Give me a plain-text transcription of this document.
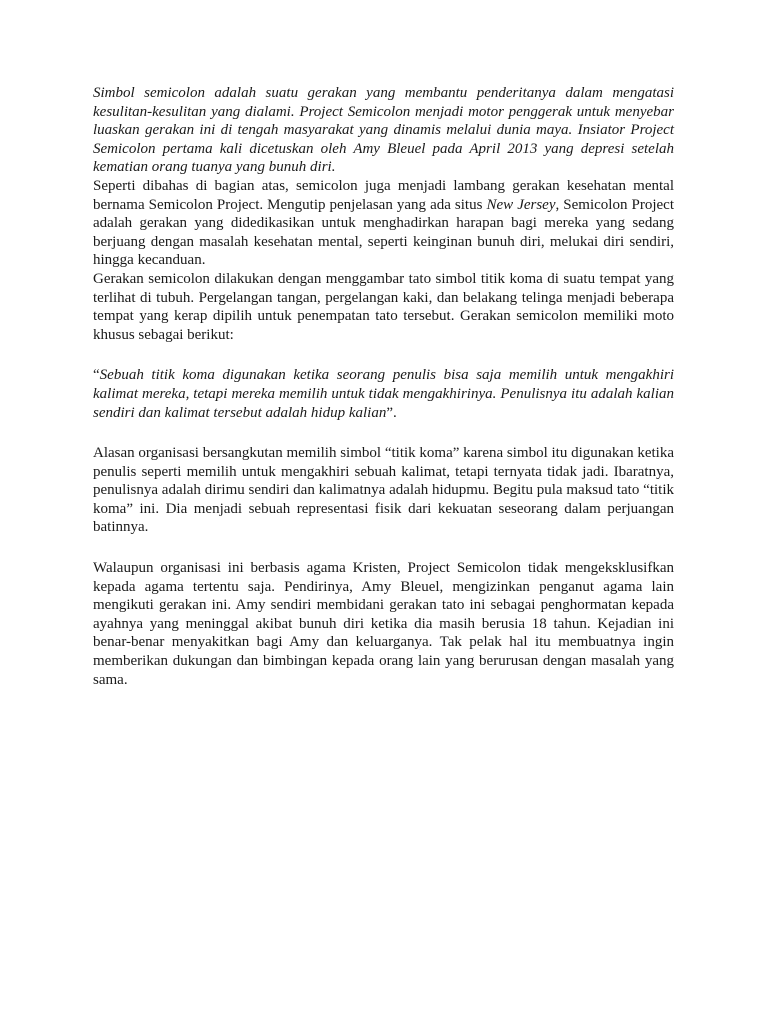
Simbol semicolon adalah suatu gerakan yang membantu penderitanya dalam mengatasi kesulitan-kesulitan yang dialami. Project Semicolon menjadi motor penggerak untuk menyebar luaskan gerakan ini di tengah masyarakat yang dinamis melalui dunia maya. Insiator Project Semicolon pertama kali dicetuskan oleh Amy Bleuel pada April 2013 yang depresi setelah kematian orang tuanya yang bunuh diri.

Seperti dibahas di bagian atas, semicolon juga menjadi lambang gerakan kesehatan mental bernama Semicolon Project. Mengutip penjelasan yang ada situs New Jersey, Semicolon Project adalah gerakan yang didedikasikan untuk menghadirkan harapan bagi mereka yang sedang berjuang dengan masalah kesehatan mental, seperti keinginan bunuh diri, melukai diri sendiri, hingga kecanduan.

Gerakan semicolon dilakukan dengan menggambar tato simbol titik koma di suatu tempat yang terlihat di tubuh. Pergelangan tangan, pergelangan kaki, dan belakang telinga menjadi beberapa tempat yang kerap dipilih untuk penempatan tato tersebut. Gerakan semicolon memiliki moto khusus sebagai berikut:

“Sebuah titik koma digunakan ketika seorang penulis bisa saja memilih untuk mengakhiri kalimat mereka, tetapi mereka memilih untuk tidak mengakhirinya. Penulisnya itu adalah kalian sendiri dan kalimat tersebut adalah hidup kalian”.

Alasan organisasi bersangkutan memilih simbol “titik koma” karena simbol itu digunakan ketika penulis seperti memilih untuk mengakhiri sebuah kalimat, tetapi ternyata tidak jadi. Ibaratnya, penulisnya adalah dirimu sendiri dan kalimatnya adalah hidupmu. Begitu pula maksud tato “titik koma” ini. Dia menjadi sebuah representasi fisik dari kekuatan seseorang dalam perjuangan batinnya.

Walaupun organisasi ini berbasis agama Kristen, Project Semicolon tidak mengeksklusifkan kepada agama tertentu saja. Pendirinya, Amy Bleuel, mengizinkan penganut agama lain mengikuti gerakan ini. Amy sendiri membidani gerakan tato ini sebagai penghormatan kepada ayahnya yang meninggal akibat bunuh diri ketika dia masih berusia 18 tahun. Kejadian ini benar-benar menyakitkan bagi Amy dan keluarganya. Tak pelak hal itu membuatnya ingin memberikan dukungan dan bimbingan kepada orang lain yang berurusan dengan masalah yang sama.
